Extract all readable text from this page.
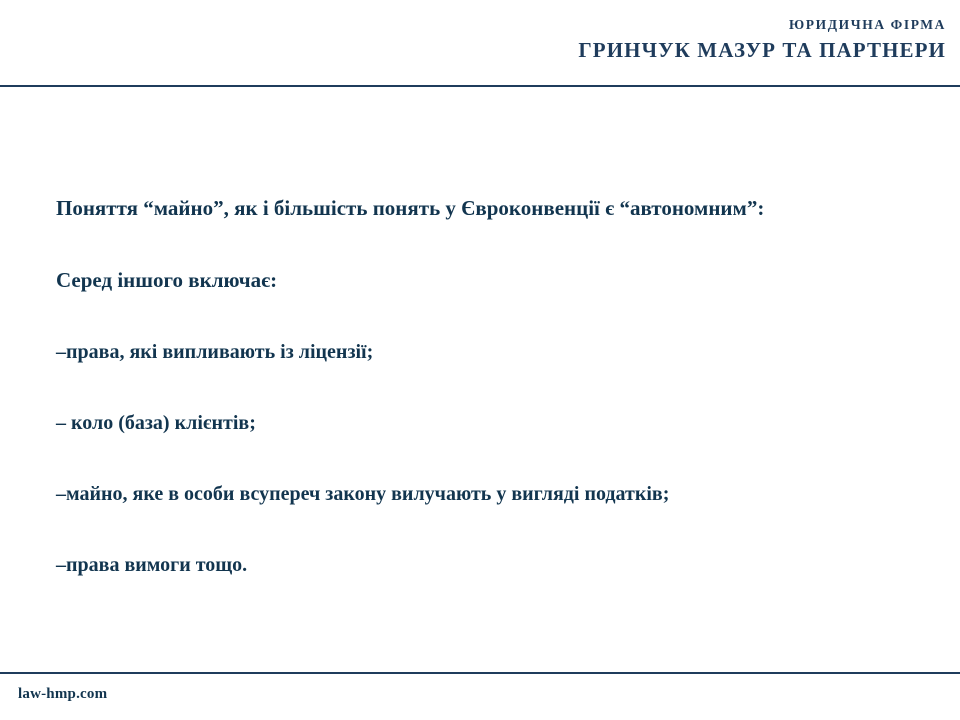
ЮРИДИЧНА ФІРМА
ГРИНЧУК МАЗУР ТА ПАРТНЕРИ
Поняття “майно”, як і більшість понять у Євроконвенції є “автономним”:
Серед іншого включає:
–права, які випливають із ліцензії;
– коло (база) клієнтів;
–майно, яке в особи всупереч закону вилучають у вигляді податків;
–права вимоги тощо.
law-hmp.com
